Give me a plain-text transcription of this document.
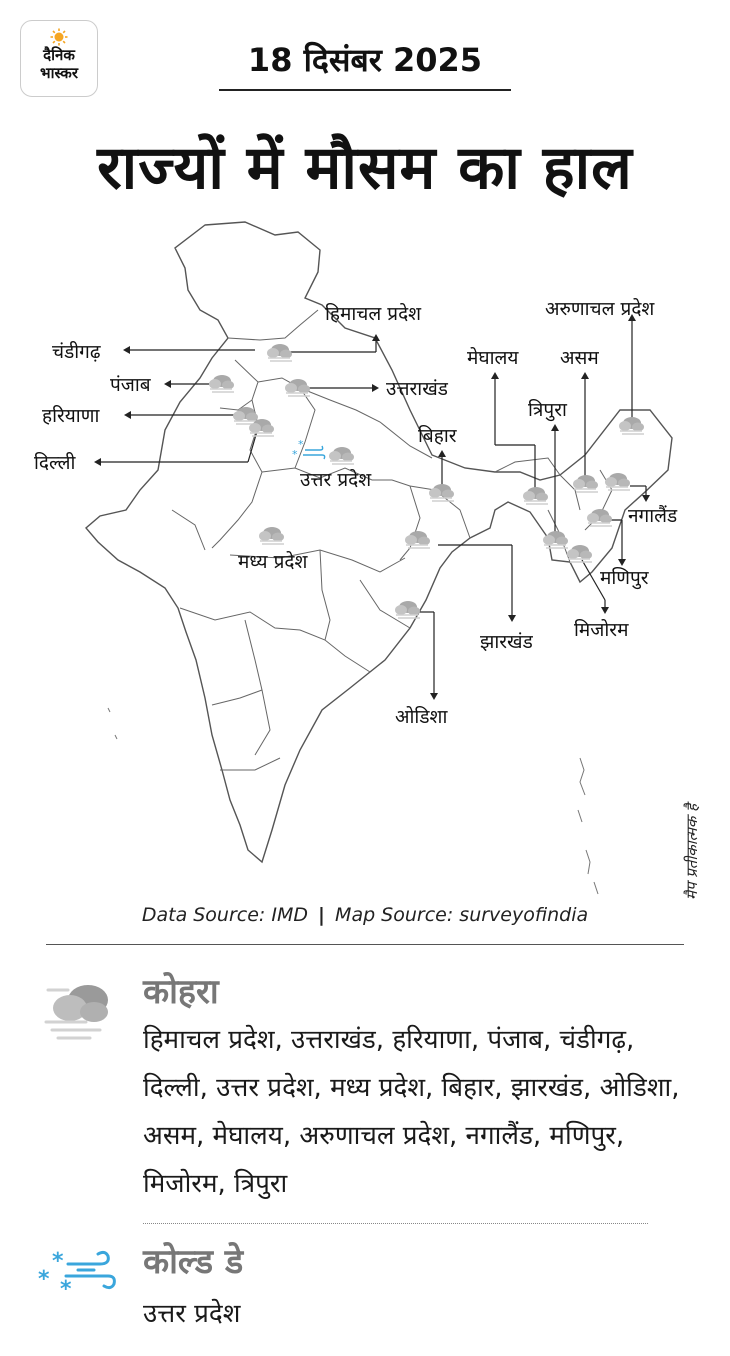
दैनिक
भास्कर	18 दिसंबर 2025
राज्यों में मौसम का हाल
*
*
हिमाचल प्रदेश
चंडीगढ़
पंजाब
हरियाणा
दिल्ली
उत्तराखंड
उत्तर प्रदेश
मध्य प्रदेश
बिहार
झारखंड
ओडिशा
अरुणाचल प्रदेश
मेघालय असम
त्रिपुरा
नगालैंड
मणिपुर
मिजोरम
मैप प्रतीकात्मक है
Data Source: IMD | Map Source: surveyofindia
कोहरा
हिमाचल प्रदेश, उत्तराखंड, हरियाणा, पंजाब, चंडीगढ़, दिल्ली, उत्तर प्रदेश, मध्य प्रदेश, बिहार, झारखंड, ओडिशा, असम, मेघालय, अरुणाचल प्रदेश, नगालैंड, मणिपुर, मिजोरम, त्रिपुरा
*
* *
कोल्ड डे
उत्तर प्रदेश
